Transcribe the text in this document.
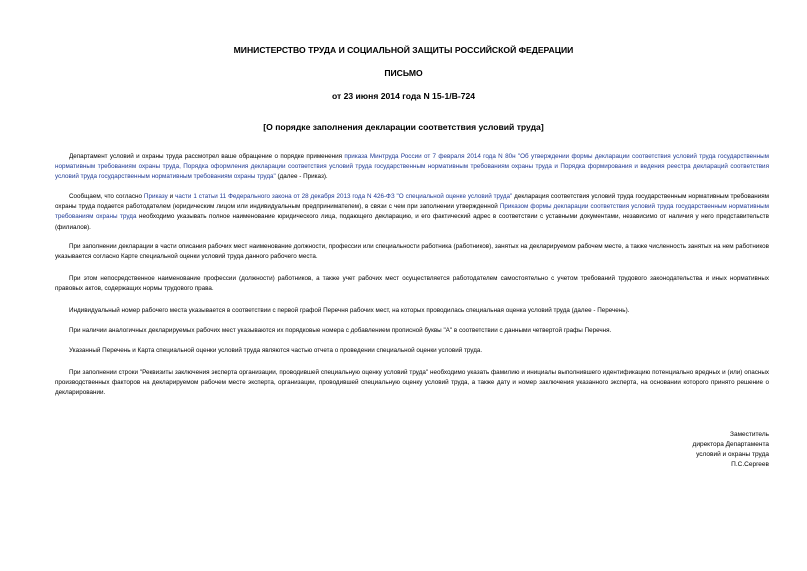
МИНИСТЕРСТВО ТРУДА И СОЦИАЛЬНОЙ ЗАЩИТЫ РОССИЙСКОЙ ФЕДЕРАЦИИ
ПИСЬМО
от 23 июня 2014 года N 15-1/В-724
[О порядке заполнения декларации соответствия условий труда]
Департамент условий и охраны труда рассмотрел ваше обращение о порядке применения приказа Минтруда России от 7 февраля 2014 года N 80н "Об утверждении формы декларации соответствия условий труда государственным нормативным требованиям охраны труда, Порядка оформления декларации соответствия условий труда государственным нормативным требованиям охраны труда и Порядка формирования и ведения реестра деклараций соответствия условий труда государственным нормативным требованиям охраны труда" (далее - Приказ).
Сообщаем, что согласно Приказу и части 1 статьи 11 Федерального закона от 28 декабря 2013 года N 426-ФЗ "О специальной оценке условий труда" декларация соответствия условий труда государственным нормативным требованиям охраны труда подается работодателем (юридическим лицом или индивидуальным предпринимателем), в связи с чем при заполнении утвержденной Приказом формы декларации соответствия условий труда государственным нормативным требованиям охраны труда необходимо указывать полное наименование юридического лица, подающего декларацию, и его фактический адрес в соответствии с уставными документами, независимо от наличия у него представительств (филиалов).
При заполнении декларации в части описания рабочих мест наименование должности, профессии или специальности работника (работников), занятых на декларируемом рабочем месте, а также численность занятых на нем работников указывается согласно Карте специальной оценки условий труда данного рабочего места.
При этом непосредственное наименование профессии (должности) работников, а также учет рабочих мест осуществляется работодателем самостоятельно с учетом требований трудового законодательства и иных нормативных правовых актов, содержащих нормы трудового права.
Индивидуальный номер рабочего места указывается в соответствии с первой графой Перечня рабочих мест, на которых проводилась специальная оценка условий труда (далее - Перечень).
При наличии аналогичных декларируемых рабочих мест указываются их порядковые номера с добавлением прописной буквы "А" в соответствии с данными четвертой графы Перечня.
Указанный Перечень и Карта специальной оценки условий труда являются частью отчета о проведении специальной оценки условий труда.
При заполнении строки "Реквизиты заключения эксперта организации, проводившей специальную оценку условий труда" необходимо указать фамилию и инициалы выполнившего идентификацию потенциально вредных и (или) опасных производственных факторов на декларируемом рабочем месте эксперта, организации, проводившей специальную оценку условий труда, а также дату и номер заключения указанного эксперта, на основании которого принято решение о декларировании.
Заместитель
директора Департамента
условий и охраны труда
П.С.Сергеев
